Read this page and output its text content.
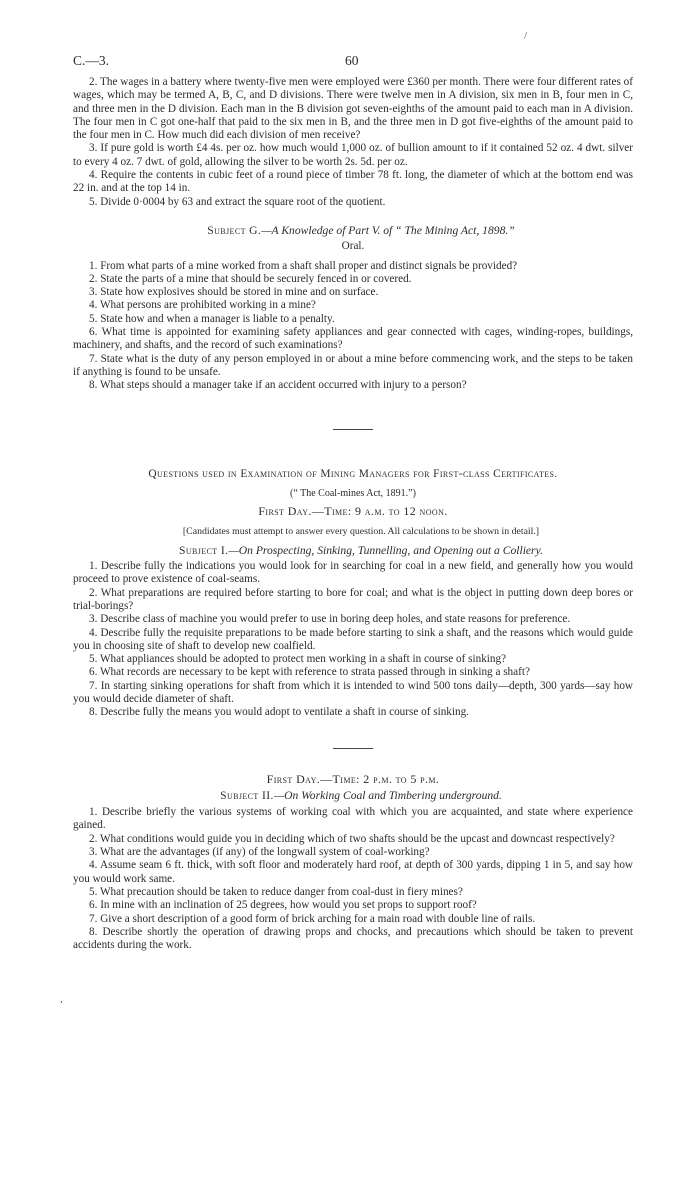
/
,
C.—3.	60

2. The wages in a battery where twenty-five men were employed were £360 per month. There were four different rates of wages, which may be termed A, B, C, and D divisions. There were twelve men in A division, six men in B, four men in C, and three men in the D division. Each man in the B division got seven-eighths of the amount paid to each man in A division. The four men in C got one-half that paid to the six men in B, and the three men in D got five-eighths of the amount paid to the four men in C. How much did each division of men receive?

3. If pure gold is worth £4 4s. per oz. how much would 1,000 oz. of bullion amount to if it contained 52 oz. 4 dwt. silver to every 4 oz. 7 dwt. of gold, allowing the silver to be worth 2s. 5d. per oz.

4. Require the contents in cubic feet of a round piece of timber 78 ft. long, the diameter of which at the bottom end was 22 in. and at the top 14 in.

5. Divide 0·0004 by 63 and extract the square root of the quotient.

Subject G.—A Knowledge of Part V. of “ The Mining Act, 1898.”

Oral.

1. From what parts of a mine worked from a shaft shall proper and distinct signals be provided?

2. State the parts of a mine that should be securely fenced in or covered.

3. State how explosives should be stored in mine and on surface.

4. What persons are prohibited working in a mine?

5. State how and when a manager is liable to a penalty.

6. What time is appointed for examining safety appliances and gear connected with cages, winding-ropes, buildings, machinery, and shafts, and the record of such examinations?

7. State what is the duty of any person employed in or about a mine before commencing work, and the steps to be taken if anything is found to be unsafe.

8. What steps should a manager take if an accident occurred with injury to a person?

Questions used in Examination of Mining Managers for First-class Certificates.

(“ The Coal-mines Act, 1891.”)

First Day.—Time: 9 a.m. to 12 noon.

[Candidates must attempt to answer every question. All calculations to be shown in detail.]

Subject I.—On Prospecting, Sinking, Tunnelling, and Opening out a Colliery.

1. Describe fully the indications you would look for in searching for coal in a new field, and generally how you would proceed to prove existence of coal-seams.

2. What preparations are required before starting to bore for coal; and what is the object in putting down deep bores or trial-borings?

3. Describe class of machine you would prefer to use in boring deep holes, and state reasons for preference.

4. Describe fully the requisite preparations to be made before starting to sink a shaft, and the reasons which would guide you in choosing site of shaft to develop new coalfield.

5. What appliances should be adopted to protect men working in a shaft in course of sinking?

6. What records are necessary to be kept with reference to strata passed through in sinking a shaft?

7. In starting sinking operations for shaft from which it is intended to wind 500 tons daily—depth, 300 yards—say how you would decide diameter of shaft.

8. Describe fully the means you would adopt to ventilate a shaft in course of sinking.

First Day.—Time: 2 p.m. to 5 p.m.

Subject II.—On Working Coal and Timbering underground.

1. Describe briefly the various systems of working coal with which you are acquainted, and state where experience gained.

2. What conditions would guide you in deciding which of two shafts should be the upcast and downcast respectively?

3. What are the advantages (if any) of the longwall system of coal-working?

4. Assume seam 6 ft. thick, with soft floor and moderately hard roof, at depth of 300 yards, dipping 1 in 5, and say how you would work same.

5. What precaution should be taken to reduce danger from coal-dust in fiery mines?

6. In mine with an inclination of 25 degrees, how would you set props to support roof?

7. Give a short description of a good form of brick arching for a main road with double line of rails.

8. Describe shortly the operation of drawing props and chocks, and precautions which should be taken to prevent accidents during the work.
